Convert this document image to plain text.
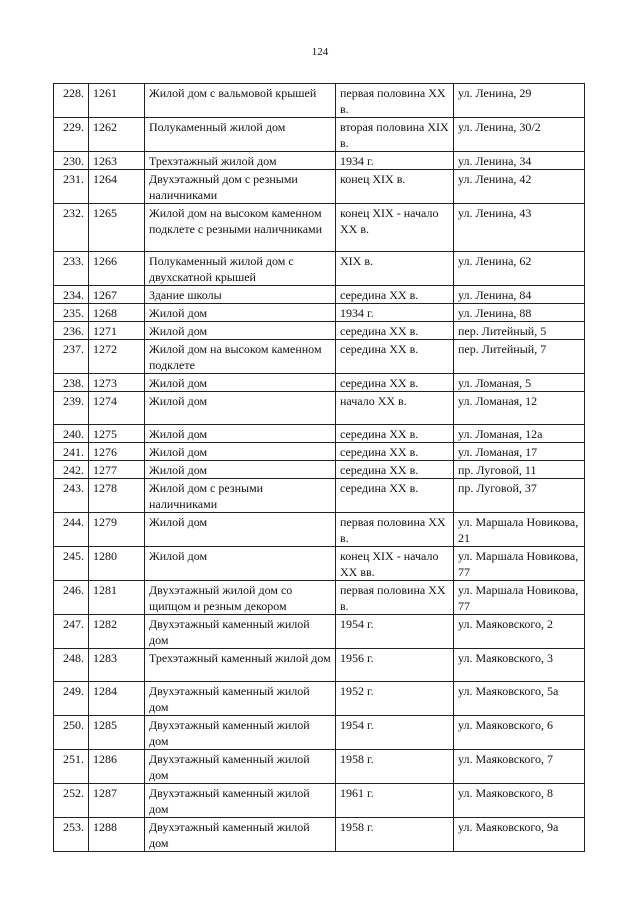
124
228.	1261	Жилой дом с вальмовой крышей	первая половина XX в.	ул. Ленина, 29
229.	1262	Полукаменный жилой дом	вторая половина XIX в.	ул. Ленина, 30/2
230.	1263	Трехэтажный жилой дом	1934 г.	ул. Ленина, 34
231.	1264	Двухэтажный дом с резными наличниками	конец XIX в.	ул. Ленина, 42
232.	1265	Жилой дом на высоком каменном подклете с резными наличниками	конец XIX - начало XX в.	ул. Ленина, 43
233.	1266	Полукаменный жилой дом с двухскатной крышей	XIX в.	ул. Ленина, 62
234.	1267	Здание школы	середина XX в.	ул. Ленина, 84
235.	1268	Жилой дом	1934 г.	ул. Ленина, 88
236.	1271	Жилой дом	середина XX в.	пер. Литейный, 5
237.	1272	Жилой дом на высоком каменном подклете	середина XX в.	пер. Литейный, 7
238.	1273	Жилой дом	середина XX в.	ул. Ломаная, 5
239.	1274	Жилой дом	начало XX в.	ул. Ломаная, 12
240.	1275	Жилой дом	середина XX в.	ул. Ломаная, 12а
241.	1276	Жилой дом	середина XX в.	ул. Ломаная, 17
242.	1277	Жилой дом	середина XX в.	пр. Луговой, 11
243.	1278	Жилой дом с резными наличниками	середина XX в.	пр. Луговой, 37
244.	1279	Жилой дом	первая половина XX в.	ул. Маршала Новикова, 21
245.	1280	Жилой дом	конец XIX - начало XX вв.	ул. Маршала Новикова, 77
246.	1281	Двухэтажный жилой дом со щипцом и резным декором	первая половина XX в.	ул. Маршала Новикова, 77
247.	1282	Двухэтажный каменный жилой дом	1954 г.	ул. Маяковского, 2
248.	1283	Трехэтажный каменный жилой дом	1956 г.	ул. Маяковского, 3
249.	1284	Двухэтажный каменный жилой дом	1952 г.	ул. Маяковского, 5а
250.	1285	Двухэтажный каменный жилой дом	1954 г.	ул. Маяковского, 6
251.	1286	Двухэтажный каменный жилой дом	1958 г.	ул. Маяковского, 7
252.	1287	Двухэтажный каменный жилой дом	1961 г.	ул. Маяковского, 8
253.	1288	Двухэтажный каменный жилой дом	1958 г.	ул. Маяковского, 9а
